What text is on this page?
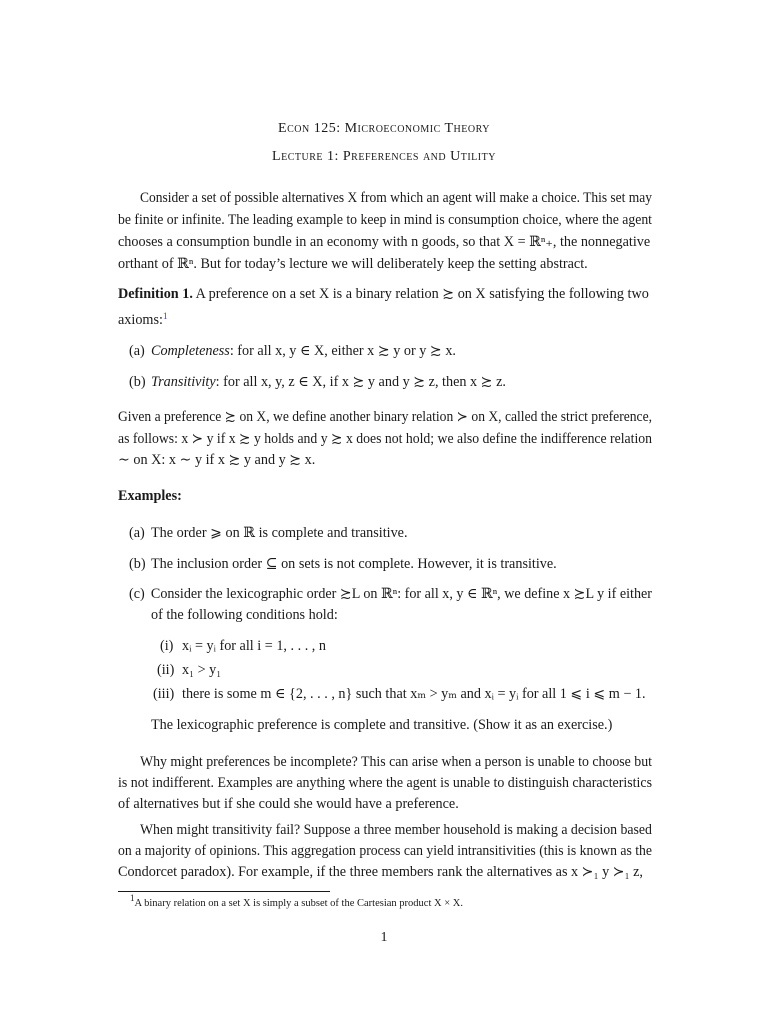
Econ 125: Microeconomic Theory
Lecture 1: Preferences and Utility
Consider a set of possible alternatives X from which an agent will make a choice. This set may
be finite or infinite. The leading example to keep in mind is consumption choice, where the agent
chooses a consumption bundle in an economy with n goods, so that X = ℝⁿ₊, the nonnegative
orthant of ℝⁿ. But for today’s lecture we will deliberately keep the setting abstract.
Definition 1. A preference on a set X is a binary relation ≿ on X satisfying the following two
axioms:$^1$
(a) Completeness: for all x, y ∈ X, either x ≿ y or y ≿ x.
(b) Transitivity: for all x, y, z ∈ X, if x ≿ y and y ≿ z, then x ≿ z.
Given a preference ≿ on X, we define another binary relation ≻ on X, called the strict preference,
as follows: x ≻ y if x ≿ y holds and y ≿ x does not hold; we also define the indifference relation
∼ on X: x ∼ y if x ≿ y and y ≿ x.
Examples:
(a) The order ⩾ on ℝ is complete and transitive.
(b) The inclusion order ⊆ on sets is not complete. However, it is transitive.
(c) Consider the lexicographic order ≿L on ℝⁿ: for all x, y ∈ ℝⁿ, we define x ≿L y if either
of the following conditions hold:
(i) xᵢ = yᵢ for all i = 1, . . . , n
(ii) x₁ > y₁
(iii) there is some m ∈ {2, . . . , n} such that xₘ > yₘ and xᵢ = yᵢ for all 1 ⩽ i ⩽ m − 1.
The lexicographic preference is complete and transitive. (Show it as an exercise.)
Why might preferences be incomplete? This can arise when a person is unable to choose but
is not indifferent. Examples are anything where the agent is unable to distinguish characteristics
of alternatives but if she could she would have a preference.
When might transitivity fail? Suppose a three member household is making a decision based
on a majority of opinions. This aggregation process can yield intransitivities (this is known as the
Condorcet paradox). For example, if the three members rank the alternatives as x ≻₁ y ≻₁ z,
$^1$A binary relation on a set X is simply a subset of the Cartesian product X × X.
1
